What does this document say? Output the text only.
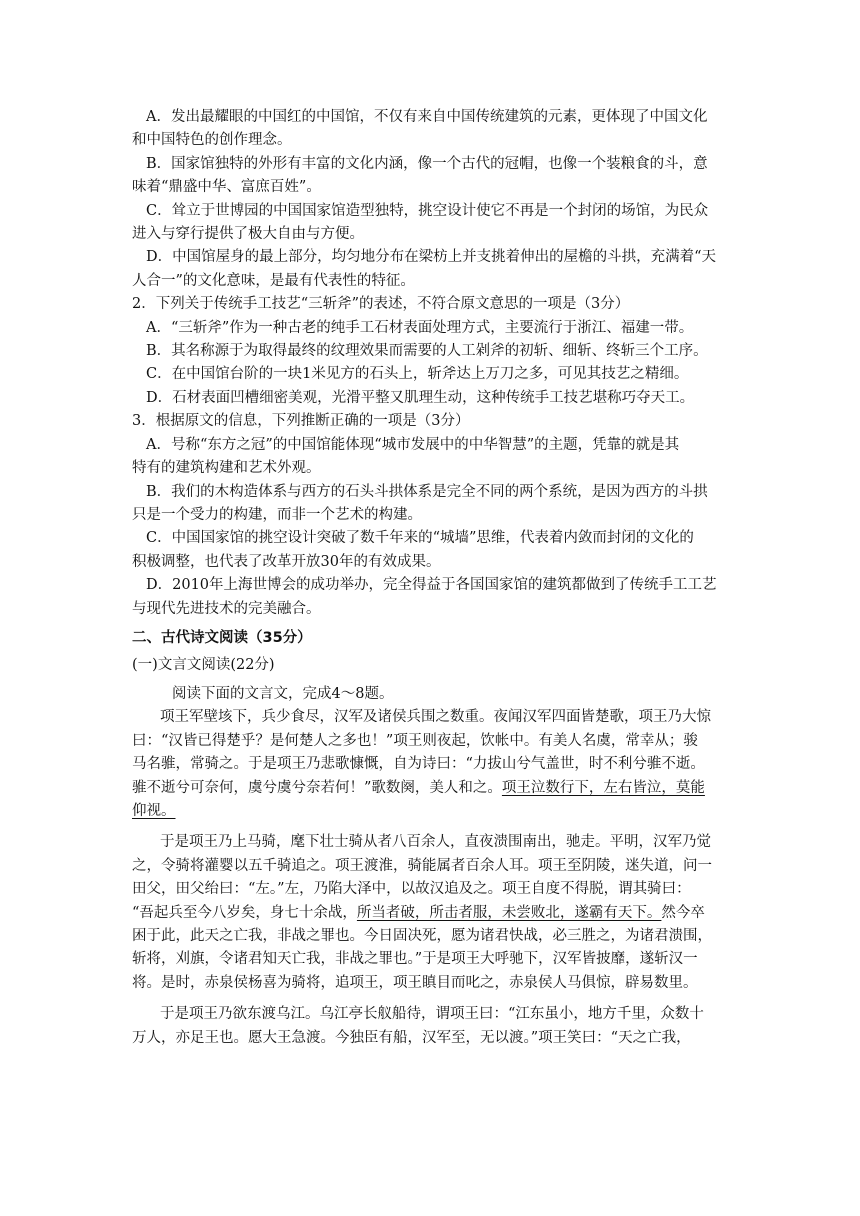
A．发出最耀眼的中国红的中国馆，不仅有来自中国传统建筑的元素，更体现了中国文化

和中国特色的创作理念。

B．国家馆独特的外形有丰富的文化内涵，像一个古代的冠帽，也像一个装粮食的斗，意

味着“鼎盛中华、富庶百姓”。

C．耸立于世博园的中国国家馆造型独特，挑空设计使它不再是一个封闭的场馆，为民众

进入与穿行提供了极大自由与方便。

D．中国馆屋身的最上部分，均匀地分布在梁枋上并支挑着伸出的屋檐的斗拱，充满着“天

人合一”的文化意味，是最有代表性的特征。

2．下列关于传统手工技艺“三斩斧”的表述，不符合原文意思的一项是（3分）

A．“三斩斧”作为一种古老的纯手工石材表面处理方式，主要流行于浙江、福建一带。

B．其名称源于为取得最终的纹理效果而需要的人工剁斧的初斩、细斩、终斩三个工序。

C．在中国馆台阶的一块1米见方的石头上，斩斧达上万刀之多，可见其技艺之精细。

D．石材表面凹槽细密美观，光滑平整又肌理生动，这种传统手工技艺堪称巧夺天工。

3．根据原文的信息，下列推断正确的一项是（3分）

A．号称“东方之冠”的中国馆能体现“城市发展中的中华智慧”的主题，凭靠的就是其

特有的建筑构建和艺术外观。

B．我们的木构造体系与西方的石头斗拱体系是完全不同的两个系统，是因为西方的斗拱

只是一个受力的构建，而非一个艺术的构建。

C．中国国家馆的挑空设计突破了数千年来的“城墙”思维，代表着内敛而封闭的文化的

积极调整，也代表了改革开放30年的有效成果。

D．2010年上海世博会的成功举办，完全得益于各国国家馆的建筑都做到了传统手工工艺

与现代先进技术的完美融合。

二、古代诗文阅读（35分）
(一)文言文阅读(22分)

阅读下面的文言文，完成4～8题。

项王军壁垓下，兵少食尽，汉军及诸侯兵围之数重。夜闻汉军四面皆楚歌，项王乃大惊

曰：“汉皆已得楚乎？是何楚人之多也！”项王则夜起，饮帐中。有美人名虞，常幸从；骏

马名骓，常骑之。于是项王乃悲歌慷慨，自为诗曰：“力拔山兮气盖世，时不利兮骓不逝。

骓不逝兮可奈何，虞兮虞兮奈若何！”歌数阕，美人和之。项王泣数行下，左右皆泣，莫能

仰视。

于是项王乃上马骑，麾下壮士骑从者八百余人，直夜溃围南出，驰走。平明，汉军乃觉

之，令骑将灌婴以五千骑追之。项王渡淮，骑能属者百余人耳。项王至阴陵，迷失道，问一

田父，田父绐曰：“左。”左，乃陷大泽中，以故汉追及之。项王自度不得脱，谓其骑曰：

“吾起兵至今八岁矣，身七十余战，所当者破，所击者服，未尝败北，遂霸有天下。然今卒

困于此，此天之亡我，非战之罪也。今日固决死，愿为诸君快战，必三胜之，为诸君溃围，

斩将，刈旗，令诸君知天亡我，非战之罪也。”于是项王大呼驰下，汉军皆披靡，遂斩汉一

将。是时，赤泉侯杨喜为骑将，追项王，项王瞋目而叱之，赤泉侯人马俱惊，辟易数里。

于是项王乃欲东渡乌江。乌江亭长舣船待，谓项王曰：“江东虽小，地方千里，众数十

万人，亦足王也。愿大王急渡。今独臣有船，汉军至，无以渡。”项王笑曰：“天之亡我，
